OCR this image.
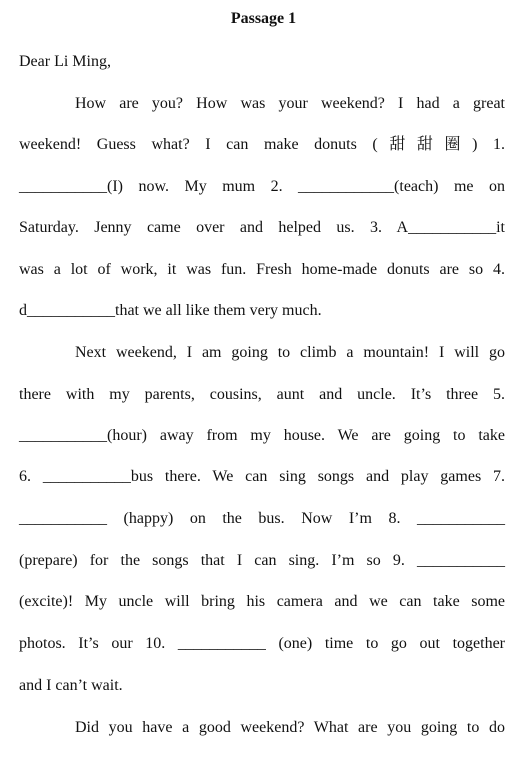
Passage 1
Dear Li Ming,
How are you? How was your weekend? I had a great
weekend! Guess what? I can make donuts (甜甜圈) 1.
___________(I) now. My mum 2. ____________(teach) me on
Saturday. Jenny came over and helped us. 3. A___________it
was a lot of work, it was fun. Fresh home-made donuts are so 4.
d___________that we all like them very much.
Next weekend, I am going to climb a mountain! I will go
there with my parents, cousins, aunt and uncle. It’s three 5.
___________(hour) away from my house. We are going to take
6. ___________bus there. We can sing songs and play games 7.
___________ (happy) on the bus. Now I’m 8. ___________
(prepare) for the songs that I can sing. I’m so 9. ___________
(excite)! My uncle will bring his camera and we can take some
photos. It’s our 10. ___________ (one) time to go out together
and I can’t wait.
Did you have a good weekend? What are you going to do
